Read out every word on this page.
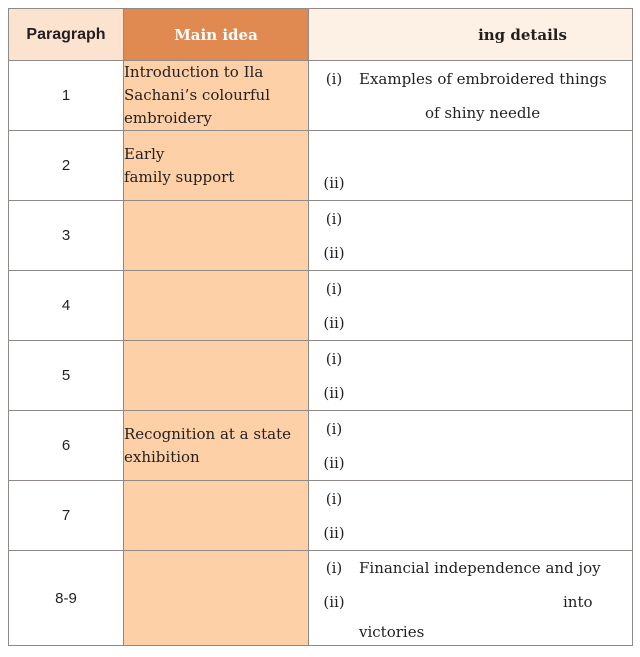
Paragraph	Main idea	ing details
1	Introduction to Ila Sachani’s colourful embroidery	(i) Examples of embroidered things
of shiny needle

2	Early
family support	(ii)

3		(i)
(ii)

4		(i)
(ii)

5		(i)
(ii)

6	Recognition at a state exhibition	(i)
(ii)

7		(i)
(ii)

8-9		(i) Financial independence and joy
(ii) into
victories
